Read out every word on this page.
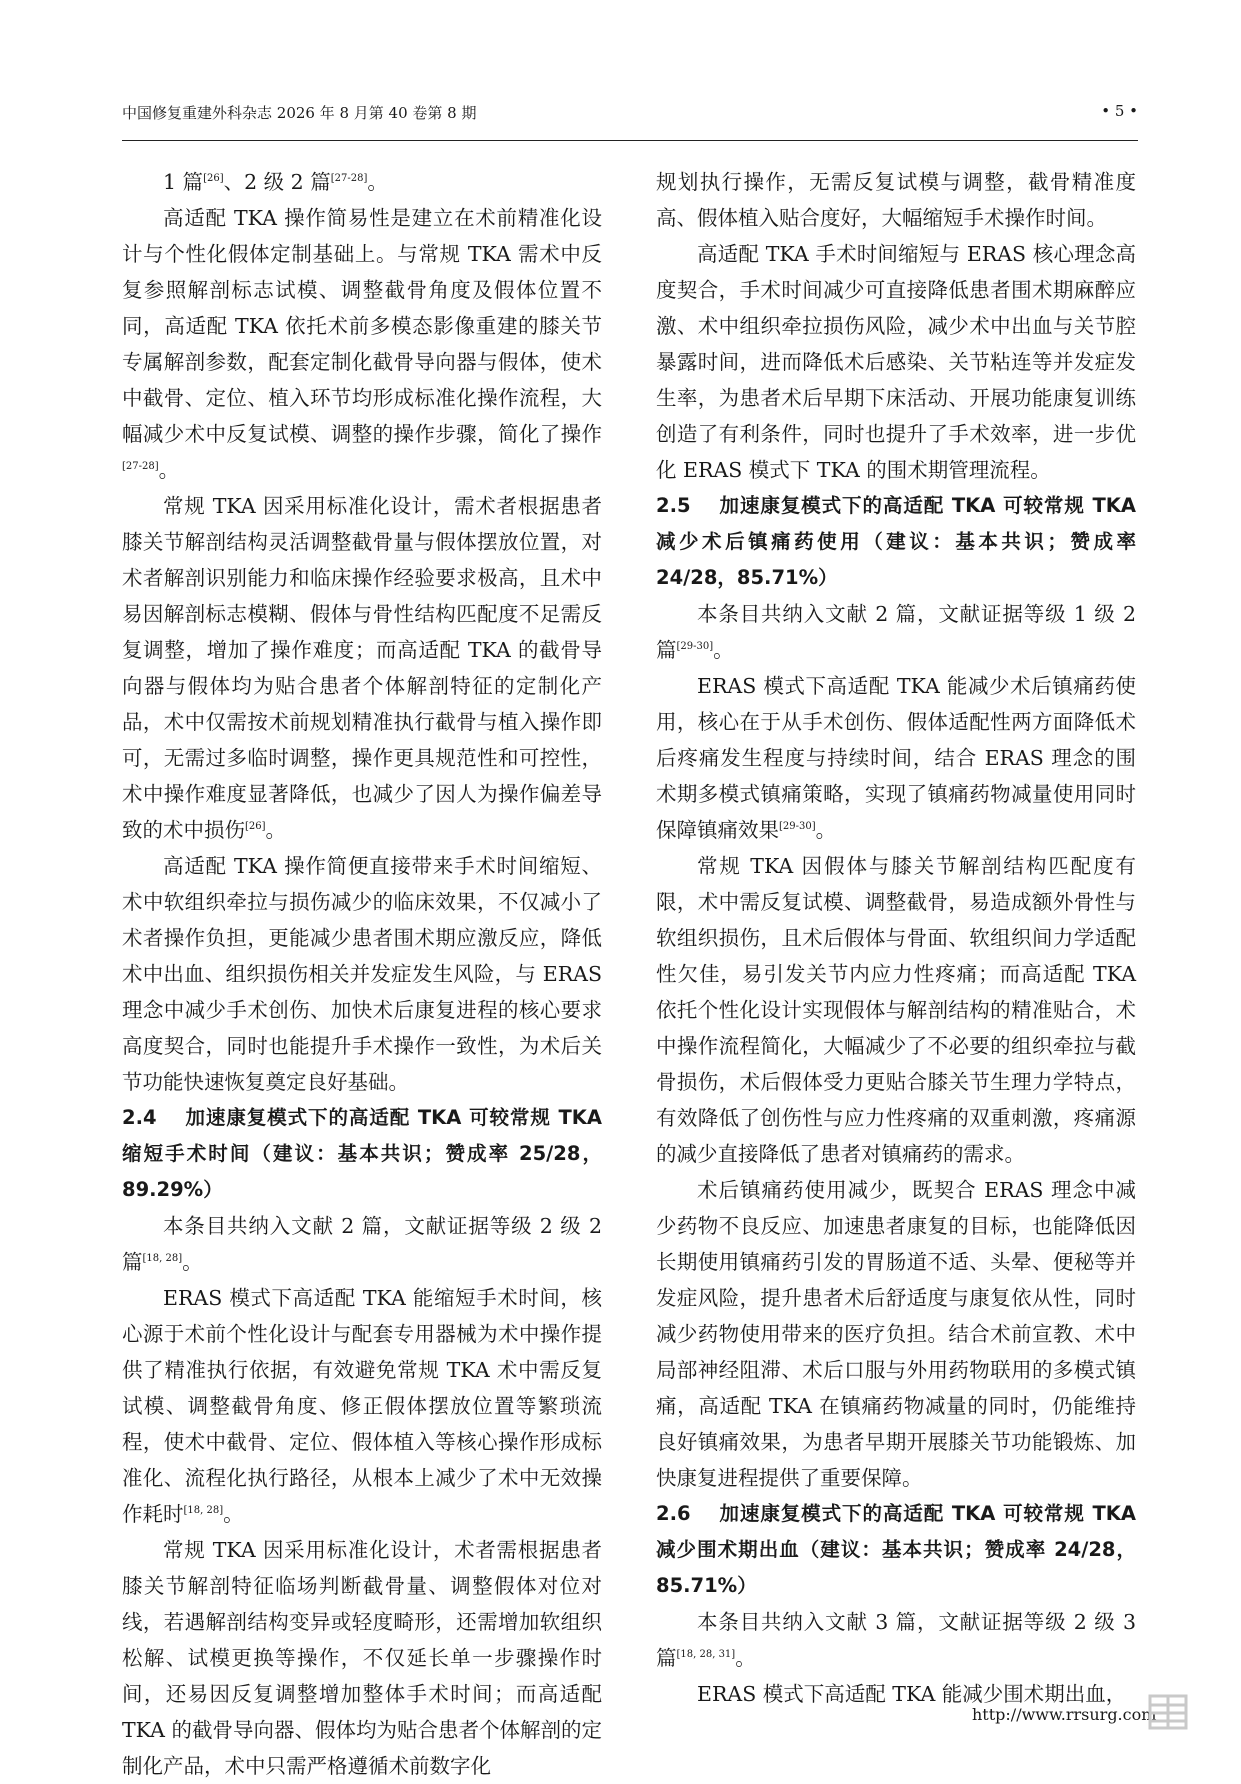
中国修复重建外科杂志 2026 年 8 月第 40 卷第 8 期	• 5 •

1 篇[26]、2 级 2 篇[27-28]。

高适配 TKA 操作简易性是建立在术前精准化设计与个性化假体定制基础上。与常规 TKA 需术中反复参照解剖标志试模、调整截骨角度及假体位置不同，高适配 TKA 依托术前多模态影像重建的膝关节专属解剖参数，配套定制化截骨导向器与假体，使术中截骨、定位、植入环节均形成标准化操作流程，大幅减少术中反复试模、调整的操作步骤，简化了操作[27-28]。

常规 TKA 因采用标准化设计，需术者根据患者膝关节解剖结构灵活调整截骨量与假体摆放位置，对术者解剖识别能力和临床操作经验要求极高，且术中易因解剖标志模糊、假体与骨性结构匹配度不足需反复调整，增加了操作难度；而高适配 TKA 的截骨导向器与假体均为贴合患者个体解剖特征的定制化产品，术中仅需按术前规划精准执行截骨与植入操作即可，无需过多临时调整，操作更具规范性和可控性，术中操作难度显著降低，也减少了因人为操作偏差导致的术中损伤[26]。

高适配 TKA 操作简便直接带来手术时间缩短、术中软组织牵拉与损伤减少的临床效果，不仅减小了术者操作负担，更能减少患者围术期应激反应，降低术中出血、组织损伤相关并发症发生风险，与 ERAS 理念中减少手术创伤、加快术后康复进程的核心要求高度契合，同时也能提升手术操作一致性，为术后关节功能快速恢复奠定良好基础。

2.4 加速康复模式下的高适配 TKA 可较常规 TKA 缩短手术时间（建议：基本共识；赞成率 25/28，89.29%）

本条目共纳入文献 2 篇，文献证据等级 2 级 2 篇[18, 28]。

ERAS 模式下高适配 TKA 能缩短手术时间，核心源于术前个性化设计与配套专用器械为术中操作提供了精准执行依据，有效避免常规 TKA 术中需反复试模、调整截骨角度、修正假体摆放位置等繁琐流程，使术中截骨、定位、假体植入等核心操作形成标准化、流程化执行路径，从根本上减少了术中无效操作耗时[18, 28]。

常规 TKA 因采用标准化设计，术者需根据患者膝关节解剖特征临场判断截骨量、调整假体对位对线，若遇解剖结构变异或轻度畸形，还需增加软组织松解、试模更换等操作，不仅延长单一步骤操作时间，还易因反复调整增加整体手术时间；而高适配 TKA 的截骨导向器、假体均为贴合患者个体解剖的定制化产品，术中只需严格遵循术前数字化

规划执行操作，无需反复试模与调整，截骨精准度高、假体植入贴合度好，大幅缩短手术操作时间。

高适配 TKA 手术时间缩短与 ERAS 核心理念高度契合，手术时间减少可直接降低患者围术期麻醉应激、术中组织牵拉损伤风险，减少术中出血与关节腔暴露时间，进而降低术后感染、关节粘连等并发症发生率，为患者术后早期下床活动、开展功能康复训练创造了有利条件，同时也提升了手术效率，进一步优化 ERAS 模式下 TKA 的围术期管理流程。

2.5 加速康复模式下的高适配 TKA 可较常规 TKA 减少术后镇痛药使用（建议：基本共识；赞成率 24/28，85.71%）

本条目共纳入文献 2 篇，文献证据等级 1 级 2 篇[29-30]。

ERAS 模式下高适配 TKA 能减少术后镇痛药使用，核心在于从手术创伤、假体适配性两方面降低术后疼痛发生程度与持续时间，结合 ERAS 理念的围术期多模式镇痛策略，实现了镇痛药物减量使用同时保障镇痛效果[29-30]。

常规 TKA 因假体与膝关节解剖结构匹配度有限，术中需反复试模、调整截骨，易造成额外骨性与软组织损伤，且术后假体与骨面、软组织间力学适配性欠佳，易引发关节内应力性疼痛；而高适配 TKA 依托个性化设计实现假体与解剖结构的精准贴合，术中操作流程简化，大幅减少了不必要的组织牵拉与截骨损伤，术后假体受力更贴合膝关节生理力学特点，有效降低了创伤性与应力性疼痛的双重刺激，疼痛源的减少直接降低了患者对镇痛药的需求。

术后镇痛药使用减少，既契合 ERAS 理念中减少药物不良反应、加速患者康复的目标，也能降低因长期使用镇痛药引发的胃肠道不适、头晕、便秘等并发症风险，提升患者术后舒适度与康复依从性，同时减少药物使用带来的医疗负担。结合术前宣教、术中局部神经阻滞、术后口服与外用药物联用的多模式镇痛，高适配 TKA 在镇痛药物减量的同时，仍能维持良好镇痛效果，为患者早期开展膝关节功能锻炼、加快康复进程提供了重要保障。

2.6 加速康复模式下的高适配 TKA 可较常规 TKA 减少围术期出血（建议：基本共识；赞成率 24/28，85.71%）

本条目共纳入文献 3 篇，文献证据等级 2 级 3 篇[18, 28, 31]。

ERAS 模式下高适配 TKA 能减少围术期出血，

http://www.rrsurg.com
